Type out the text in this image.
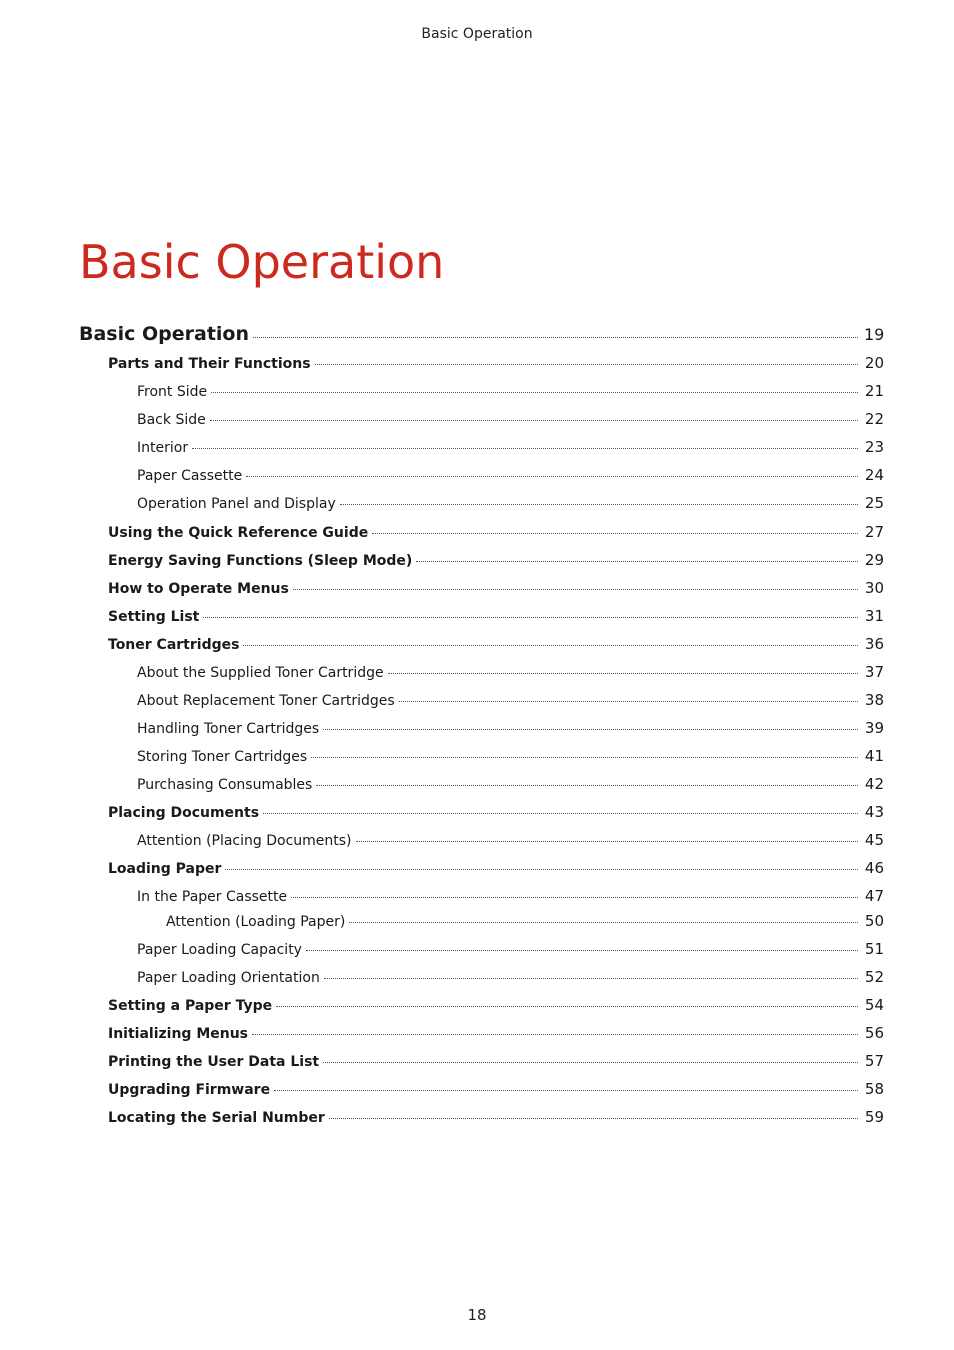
Basic Operation
Basic Operation
Basic Operation	19
Parts and Their Functions	20
Front Side	21
Back Side	22
Interior	23
Paper Cassette	24
Operation Panel and Display	25
Using the Quick Reference Guide	27
Energy Saving Functions (Sleep Mode)	29
How to Operate Menus	30
Setting List	31
Toner Cartridges	36
About the Supplied Toner Cartridge	37
About Replacement Toner Cartridges	38
Handling Toner Cartridges	39
Storing Toner Cartridges	41
Purchasing Consumables	42
Placing Documents	43
Attention (Placing Documents)	45
Loading Paper	46
In the Paper Cassette	47
Attention (Loading Paper)	50
Paper Loading Capacity	51
Paper Loading Orientation	52
Setting a Paper Type	54
Initializing Menus	56
Printing the User Data List	57
Upgrading Firmware	58
Locating the Serial Number	59
18
